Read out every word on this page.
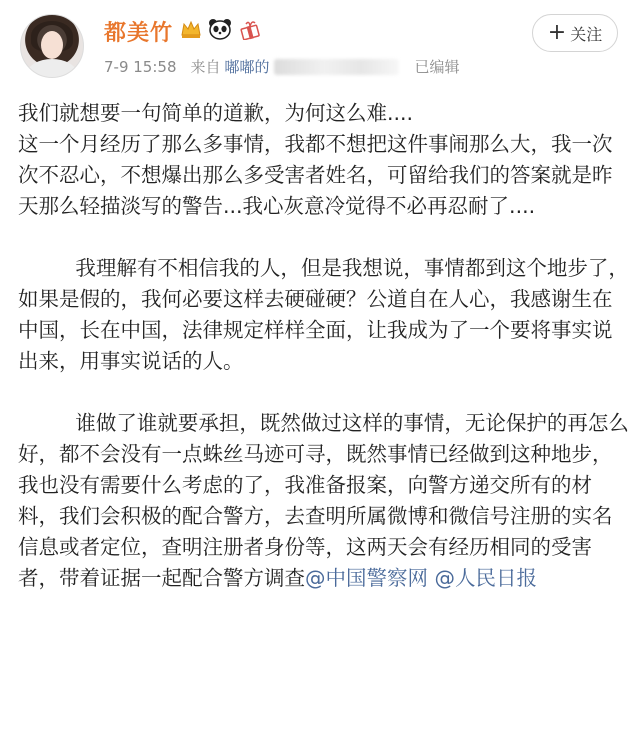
都美竹
7-9 15:58 来自 嘟嘟的	已编辑
+ 关注

我们就想要一句简单的道歉，为何这么难....
这一个月经历了那么多事情，我都不想把这件事闹那么大，我一次次不忍心，不想爆出那么多受害者姓名，可留给我们的答案就是昨天那么轻描淡写的警告...我心灰意冷觉得不必再忍耐了....

我理解有不相信我的人，但是我想说，事情都到这个地步了，如果是假的，我何必要这样去硬碰硬？公道自在人心，我感谢生在中国，长在中国，法律规定样样全面，让我成为了一个要将事实说出来，用事实说话的人。

谁做了谁就要承担，既然做过这样的事情，无论保护的再怎么好，都不会没有一点蛛丝马迹可寻，既然事情已经做到这种地步，我也没有需要什么考虑的了，我准备报案，向警方递交所有的材料，我们会积极的配合警方，去查明所属微博和微信号注册的实名信息或者定位，查明注册者身份等，这两天会有经历相同的受害者，带着证据一起配合警方调查@中国警察网 @人民日报
